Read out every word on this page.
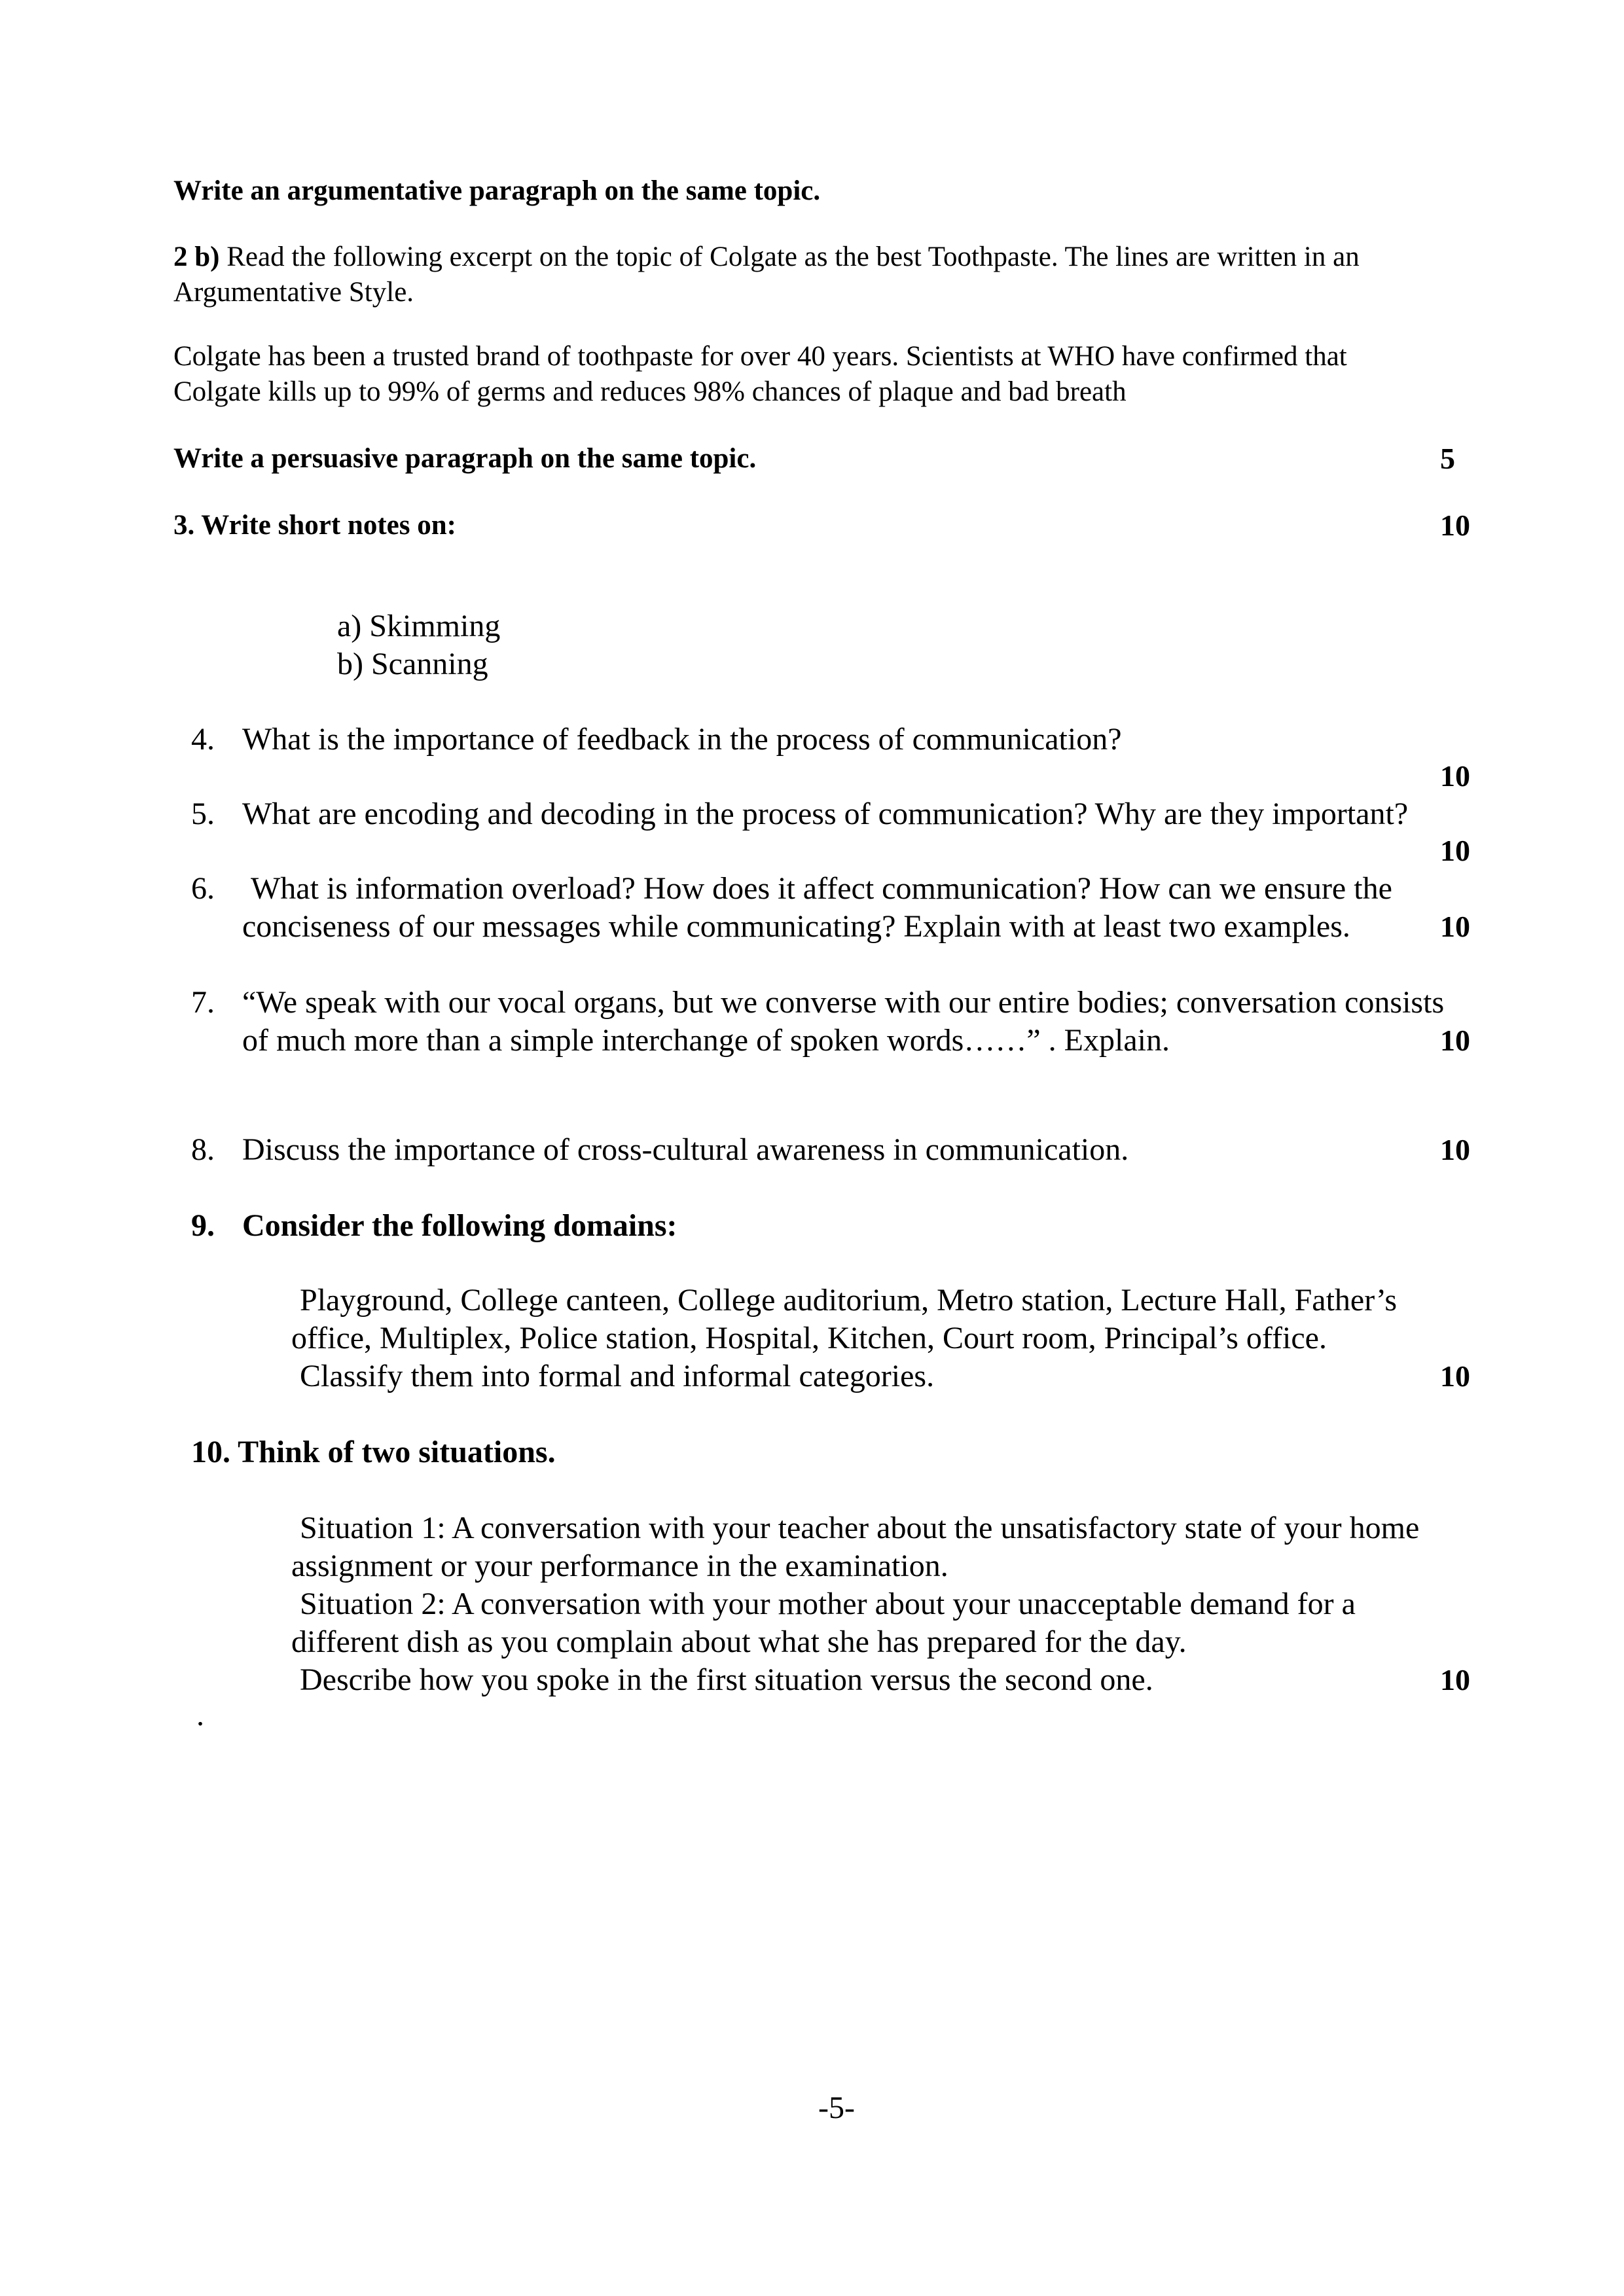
Write an argumentative paragraph on the same topic.
2 b) Read the following excerpt on the topic of Colgate as the best Toothpaste. The lines are written in an
Argumentative Style.
Colgate has been a trusted brand of toothpaste for over 40 years. Scientists at WHO have confirmed that
Colgate kills up to 99% of germs and reduces 98% chances of plaque and bad breath
Write a persuasive paragraph on the same topic.	5
3. Write short notes on:	10
a) Skimming
b) Scanning
4. What is the importance of feedback in the process of communication?
10
5. What are encoding and decoding in the process of communication? Why are they important?
10
6. What is information overload? How does it affect communication? How can we ensure the
conciseness of our messages while communicating? Explain with at least two examples.	10
7. “We speak with our vocal organs, but we converse with our entire bodies; conversation consists
of much more than a simple interchange of spoken words……” . Explain.	10
8. Discuss the importance of cross-cultural awareness in communication.	10
9. Consider the following domains:
Playground, College canteen, College auditorium, Metro station, Lecture Hall, Father’s
office, Multiplex, Police station, Hospital, Kitchen, Court room, Principal’s office.
Classify them into formal and informal categories.	10
10. Think of two situations.
Situation 1: A conversation with your teacher about the unsatisfactory state of your home
assignment or your performance in the examination.
Situation 2: A conversation with your mother about your unacceptable demand for a
different dish as you complain about what she has prepared for the day.
Describe how you spoke in the first situation versus the second one.	10
.
-5-
